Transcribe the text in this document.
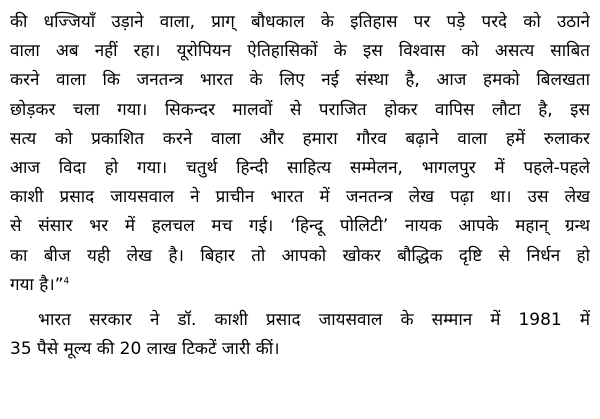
की धज्जियाँ उड़ाने वाला, प्राग् बौधकाल के इतिहास पर पड़े परदे को उठाने
वाला अब नहीं रहा। यूरोपियन ऐतिहासिकों के इस विश्वास को असत्य साबित
करने वाला कि जनतन्त्र भारत के लिए नई संस्था है, आज हमको बिलखता
छोड़कर चला गया। सिकन्दर मालवों से पराजित होकर वापिस लौटा है, इस
सत्य को प्रकाशित करने वाला और हमारा गौरव बढ़ाने वाला हमें रुलाकर
आज विदा हो गया। चतुर्थ हिन्दी साहित्य सम्मेलन, भागलपुर में पहले-पहले
काशी प्रसाद जायसवाल ने प्राचीन भारत में जनतन्त्र लेख पढ़ा था। उस लेख
से संसार भर में हलचल मच गई। ‘हिन्दू पोलिटी’ नायक आपके महान् ग्रन्थ
का बीज यही लेख है। बिहार तो आपको खोकर बौद्धिक दृष्टि से निर्धन हो
गया है।”$^4$
भारत सरकार ने डॉ. काशी प्रसाद जायसवाल के सम्मान में 1981 में
35 पैसे मूल्य की 20 लाख टिकटें जारी कीं।
